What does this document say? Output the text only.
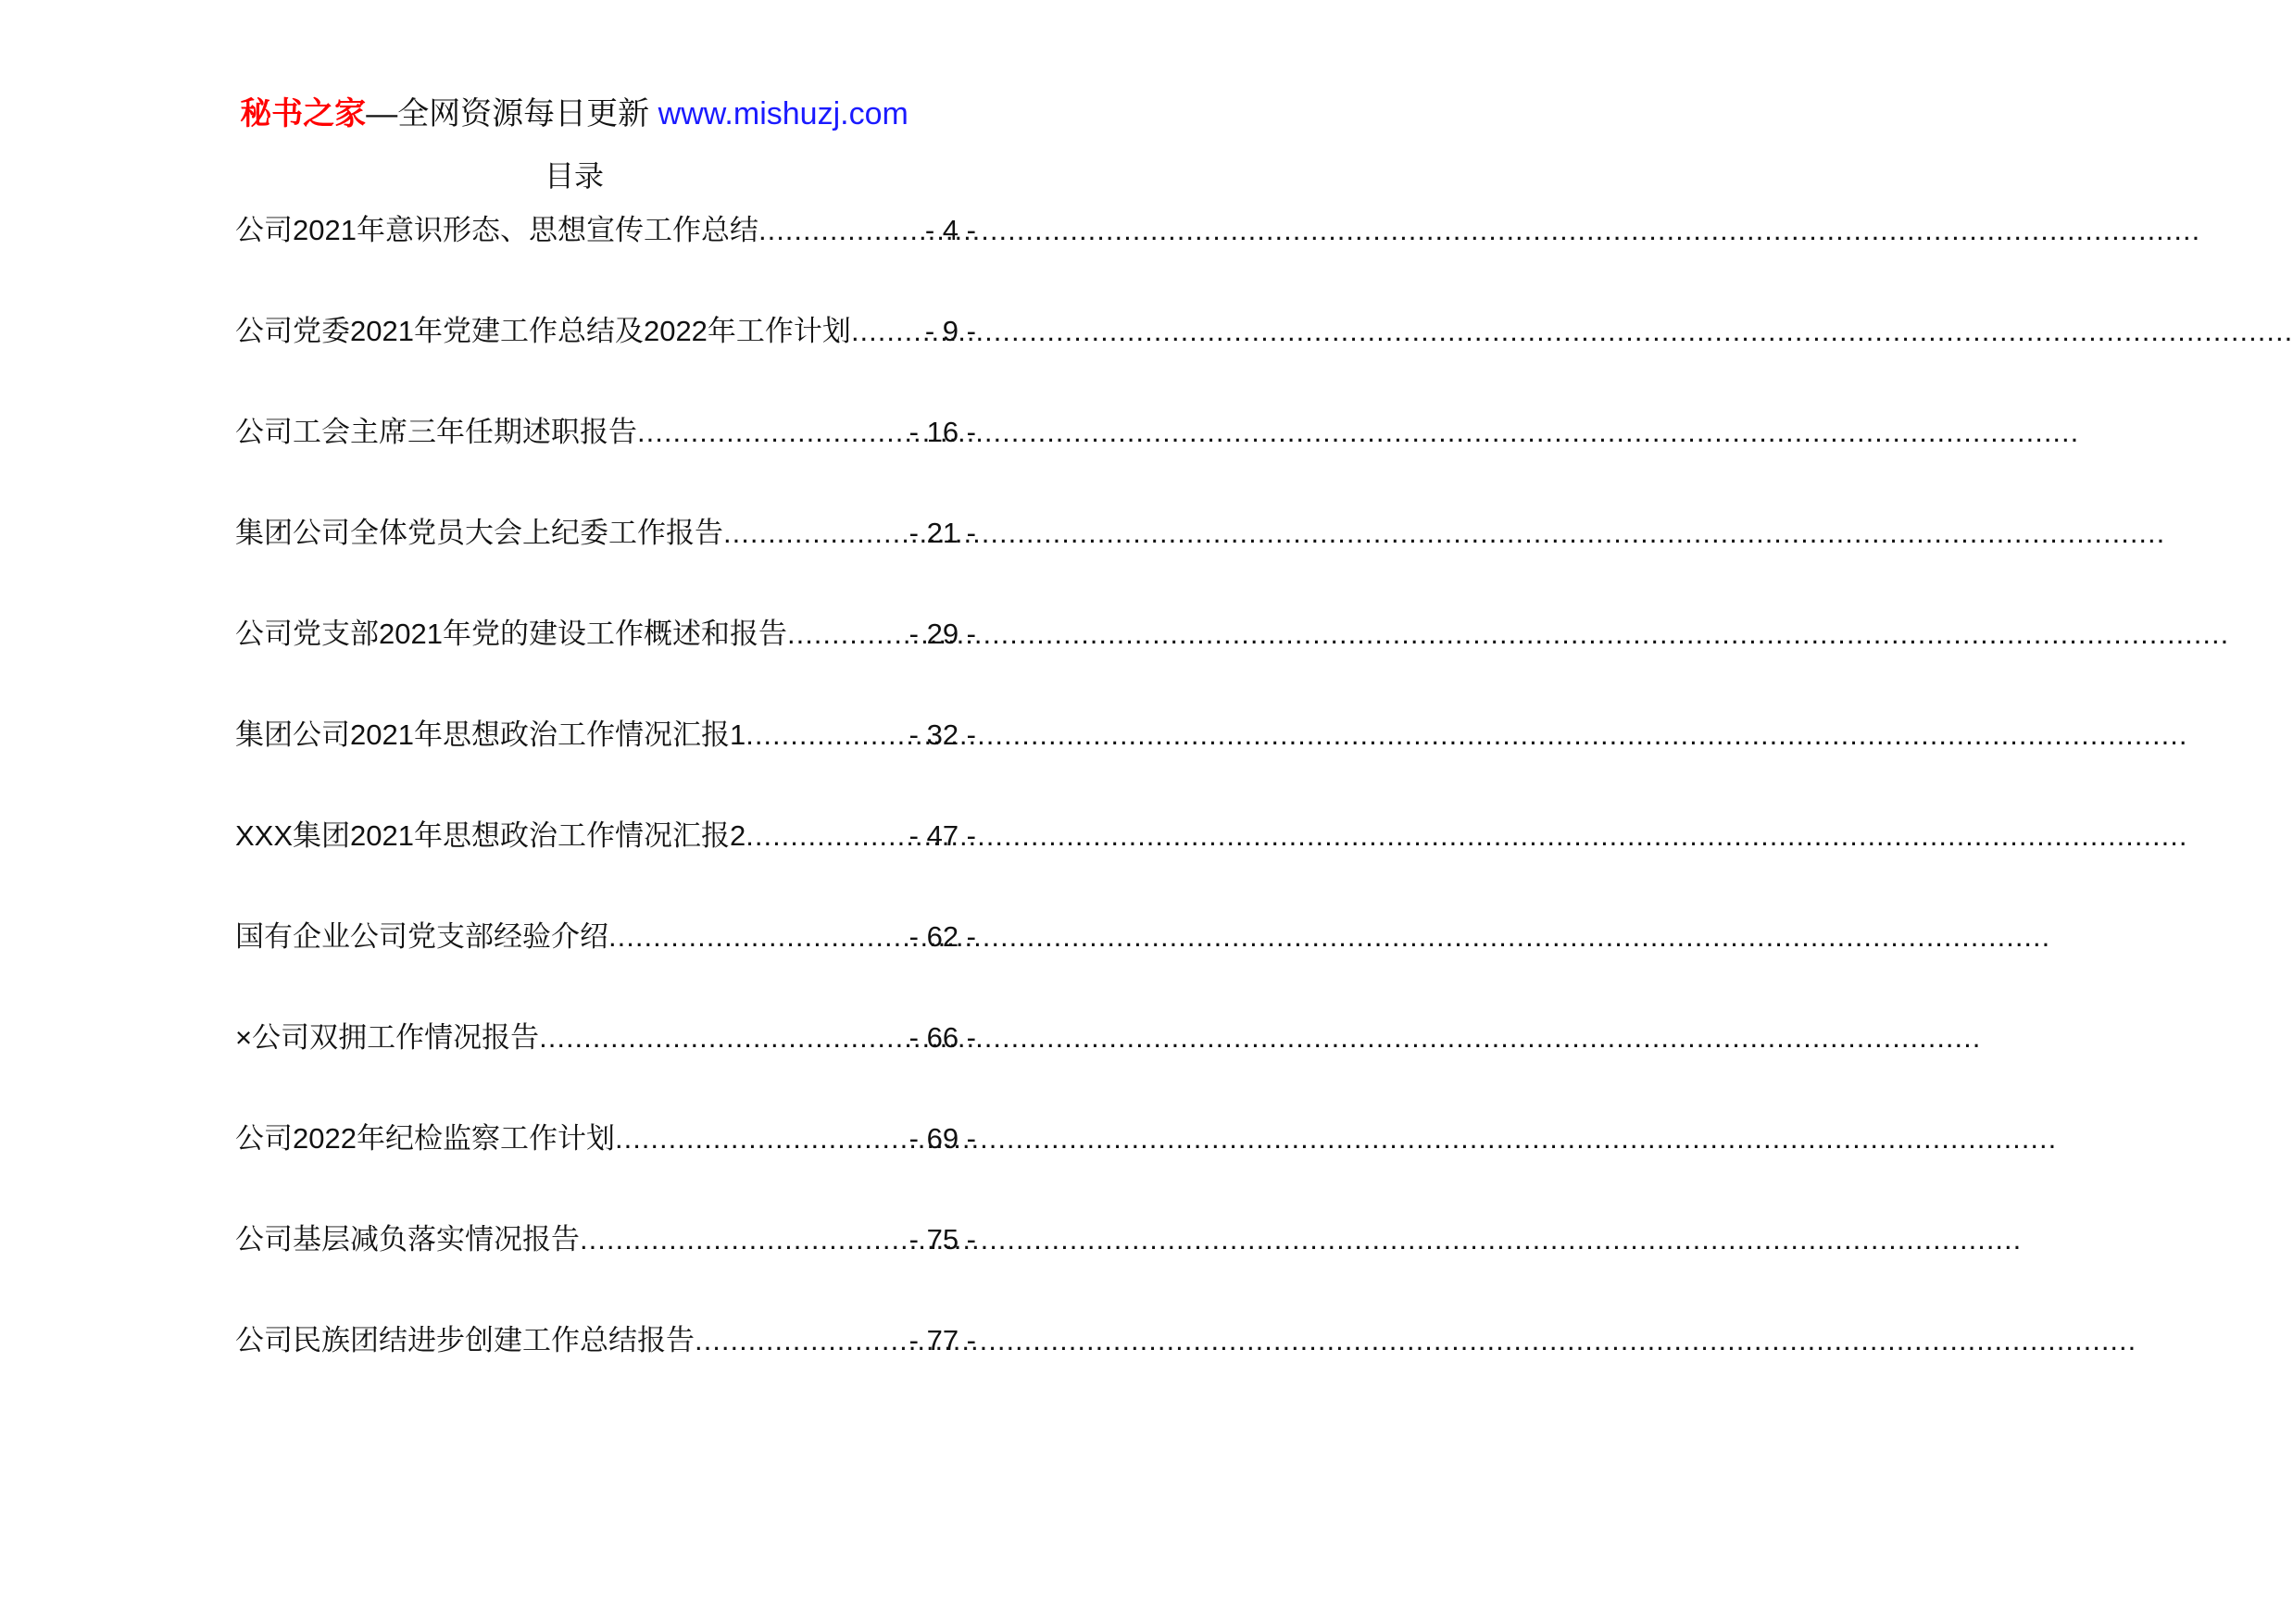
秘书之家—全网资源每日更新 www.mishuzj.com
目录
公司2021年意识形态、思想宣传工作总结 .....	- 4 -
公司党委2021年党建工作总结及2022年工作计划 .....	- 9 -
公司工会主席三年任期述职报告 .....	- 16 -
集团公司全体党员大会上纪委工作报告 .....	- 21 -
公司党支部2021年党的建设工作概述和报告 .....	- 29 -
集团公司2021年思想政治工作情况汇报1 .....	- 32 -
XXX集团2021年思想政治工作情况汇报2 .....	- 47 -
国有企业公司党支部经验介绍 .....	- 62 -
×公司双拥工作情况报告 .....	- 66 -
公司2022年纪检监察工作计划 .....	- 69 -
公司基层减负落实情况报告 .....	- 75 -
公司民族团结进步创建工作总结报告 .....	- 77 -
